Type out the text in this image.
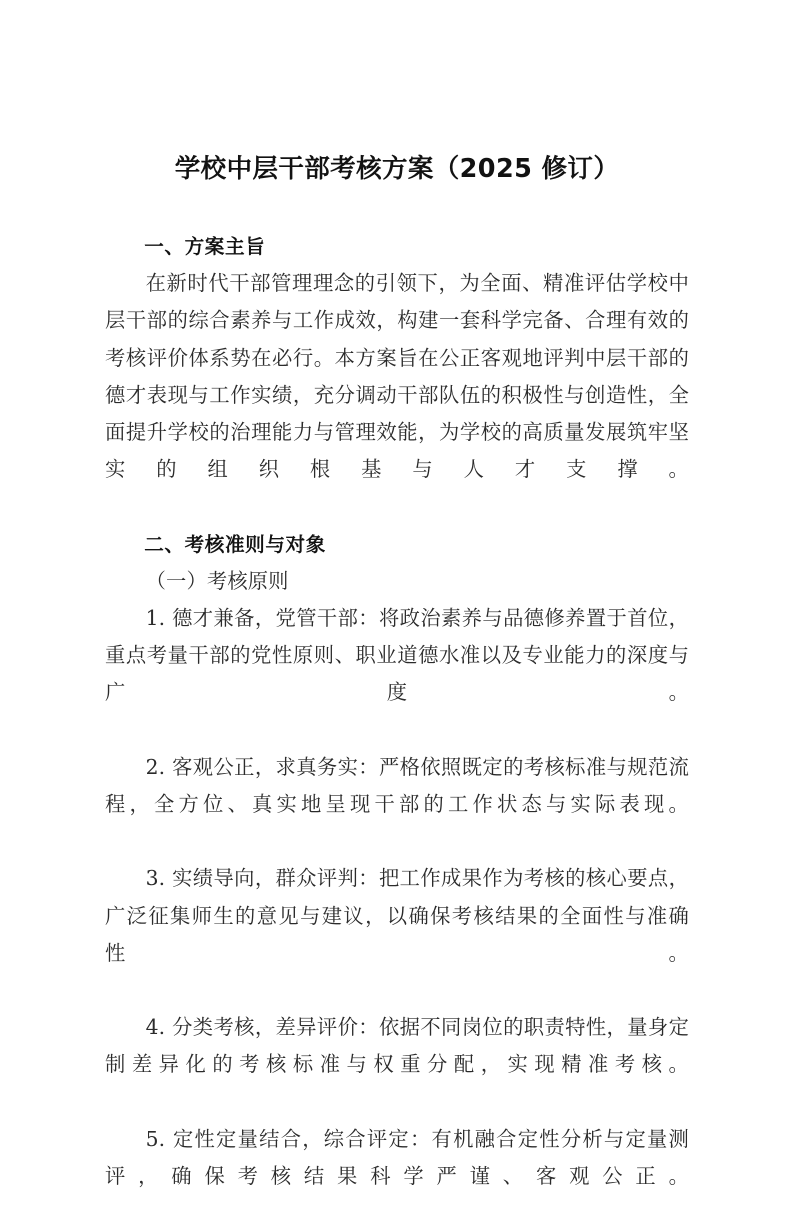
学校中层干部考核方案（2025 修订）

一、方案主旨

在新时代干部管理理念的引领下，为全面、精准评估学校中层干部的综合素养与工作成效，构建一套科学完备、合理有效的考核评价体系势在必行。本方案旨在公正客观地评判中层干部的德才表现与工作实绩，充分调动干部队伍的积极性与创造性，全面提升学校的治理能力与管理效能，为学校的高质量发展筑牢坚实的组织根基与人才支撑。

二、考核准则与对象

（一）考核原则

1. 德才兼备，党管干部：将政治素养与品德修养置于首位，重点考量干部的党性原则、职业道德水准以及专业能力的深度与广度。

2. 客观公正，求真务实：严格依照既定的考核标准与规范流程，全方位、真实地呈现干部的工作状态与实际表现。

3. 实绩导向，群众评判：把工作成果作为考核的核心要点，广泛征集师生的意见与建议，以确保考核结果的全面性与准确性。

4. 分类考核，差异评价：依据不同岗位的职责特性，量身定制差异化的考核标准与权重分配，实现精准考核。

5. 定性定量结合，综合评定：有机融合定性分析与定量测评，确保考核结果科学严谨、客观公正。
